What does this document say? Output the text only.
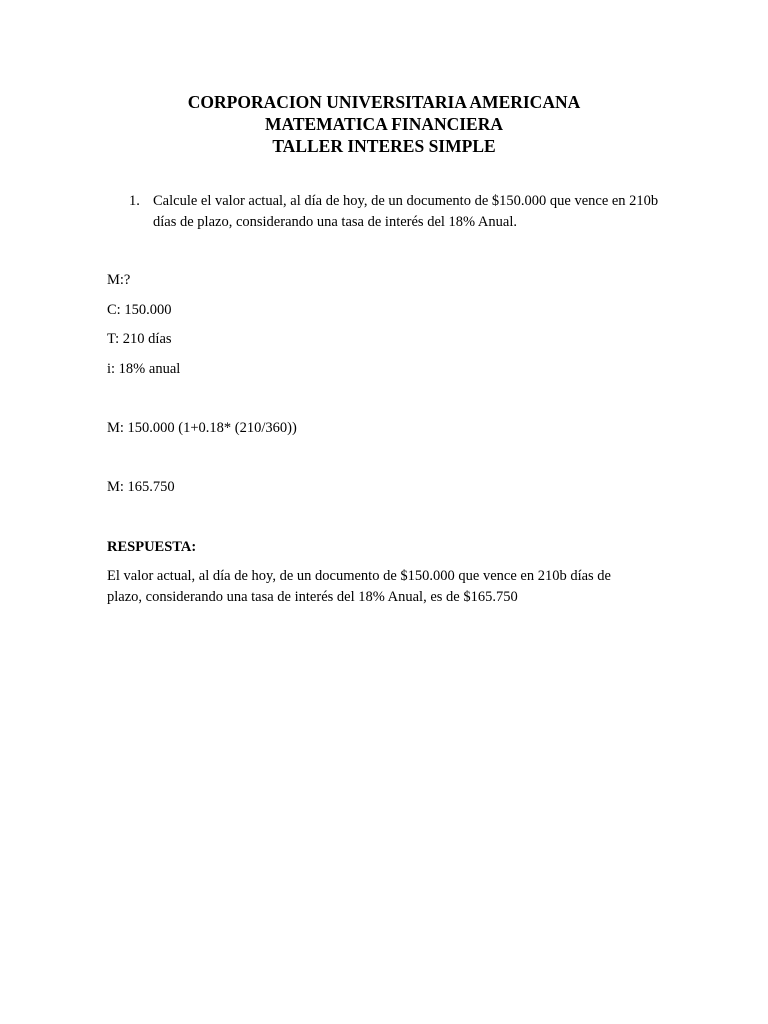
CORPORACION UNIVERSITARIA AMERICANA
MATEMATICA FINANCIERA
TALLER INTERES SIMPLE
1. Calcule el valor actual, al día de hoy, de un documento de $150.000 que vence en 210b días de plazo, considerando una tasa de interés del 18% Anual.
M:?
C: 150.000
T: 210 días
i: 18% anual
M: 150.000 (1+0.18* (210/360))
M: 165.750
RESPUESTA:
El valor actual, al día de hoy, de un documento de $150.000 que vence en 210b días de plazo, considerando una tasa de interés del 18% Anual, es de $165.750
